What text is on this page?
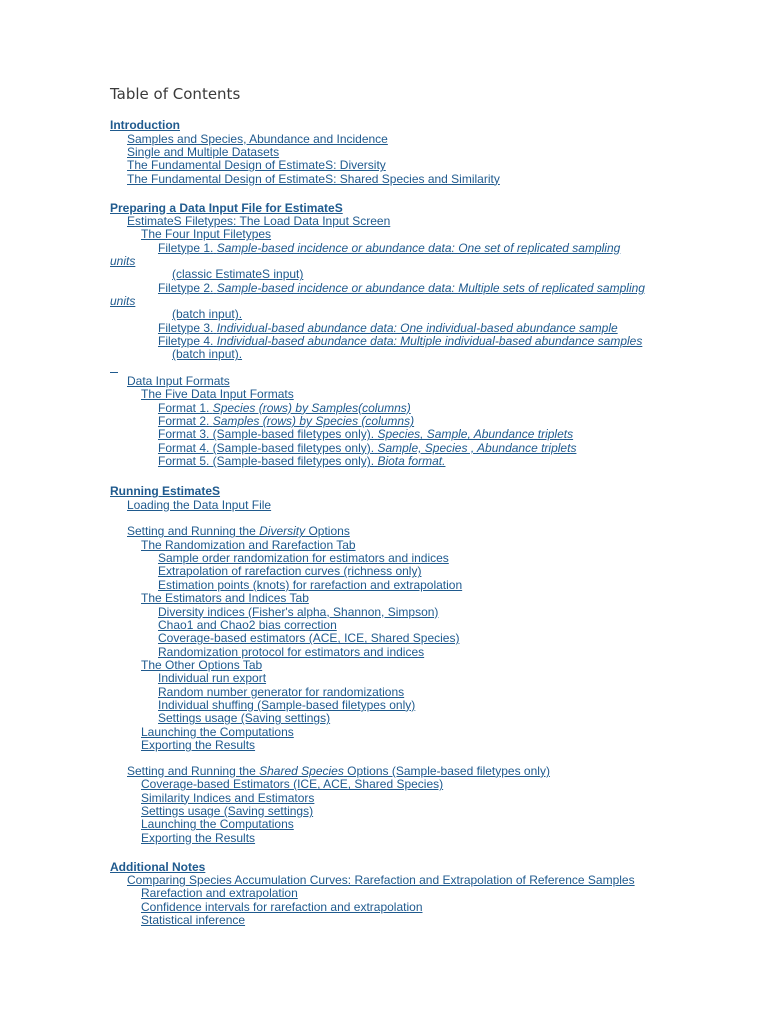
Table of Contents
Introduction
Samples and Species, Abundance and Incidence
Single and Multiple Datasets
The Fundamental Design of EstimateS: Diversity
The Fundamental Design of EstimateS: Shared Species and Similarity
Preparing a Data Input File for EstimateS
EstimateS Filetypes: The Load Data Input Screen
The Four Input Filetypes
Filetype 1. Sample-based incidence or abundance data: One set of replicated sampling
units
(classic EstimateS input)
Filetype 2. Sample-based incidence or abundance data: Multiple sets of replicated sampling
units
(batch input).
Filetype 3. Individual-based abundance data: One individual-based abundance sample
Filetype 4. Individual-based abundance data: Multiple individual-based abundance samples
(batch input).
Data Input Formats
The Five Data Input Formats
Format 1. Species (rows) by Samples(columns)
Format 2. Samples (rows) by Species (columns)
Format 3. (Sample-based filetypes only). Species, Sample, Abundance triplets
Format 4. (Sample-based filetypes only). Sample, Species , Abundance triplets
Format 5. (Sample-based filetypes only). Biota format.
Running EstimateS
Loading the Data Input File
Setting and Running the Diversity Options
The Randomization and Rarefaction Tab
Sample order randomization for estimators and indices
Extrapolation of rarefaction curves (richness only)
Estimation points (knots) for rarefaction and extrapolation
The Estimators and Indices Tab
Diversity indices (Fisher's alpha, Shannon, Simpson)
Chao1 and Chao2 bias correction
Coverage-based estimators (ACE, ICE, Shared Species)
Randomization protocol for estimators and indices
The Other Options Tab
Individual run export
Random number generator for randomizations
Individual shuffing (Sample-based filetypes only)
Settings usage (Saving settings)
Launching the Computations
Exporting the Results
Setting and Running the Shared Species Options (Sample-based filetypes only)
Coverage-based Estimators (ICE, ACE, Shared Species)
Similarity Indices and Estimators
Settings usage (Saving settings)
Launching the Computations
Exporting the Results
Additional Notes
Comparing Species Accumulation Curves: Rarefaction and Extrapolation of Reference Samples
Rarefaction and extrapolation
Confidence intervals for rarefaction and extrapolation
Statistical inference
